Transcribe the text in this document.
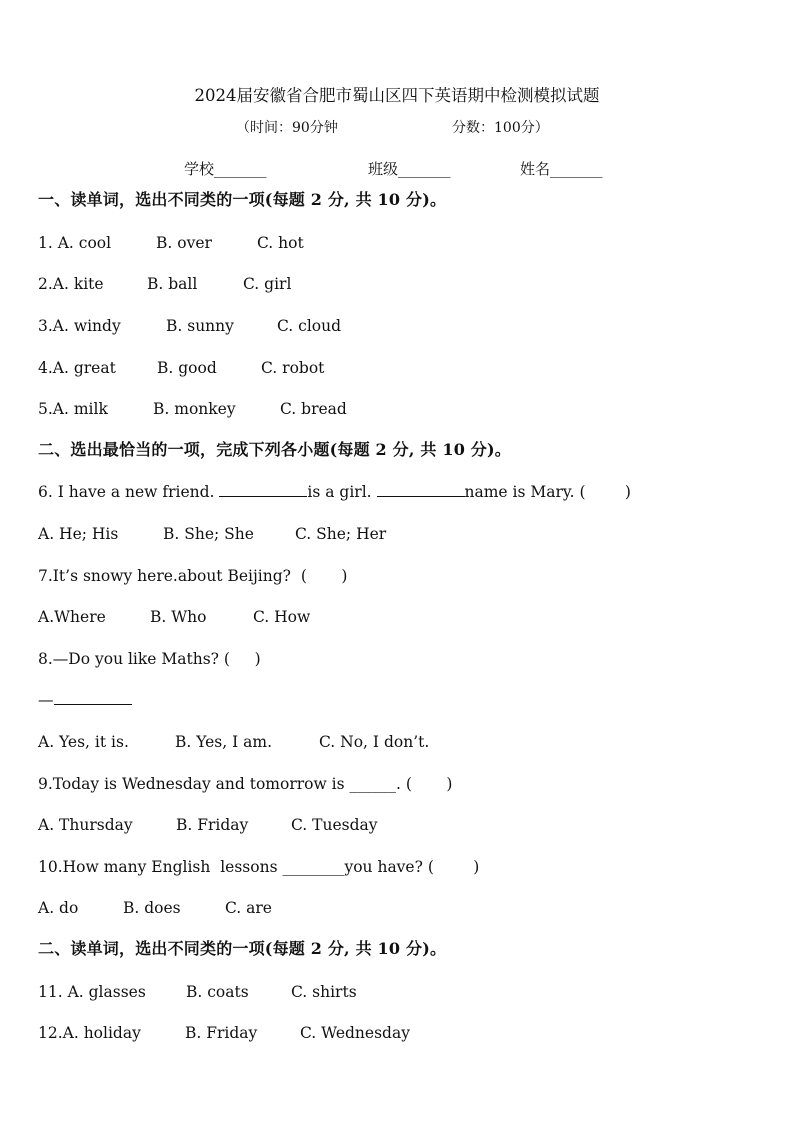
2024届安徽省合肥市蜀山区四下英语期中检测模拟试题
（时间：90分钟	分数：100分）
学校_______	班级_______	姓名_______
一、读单词，选出不同类的一项(每题 2 分, 共 10 分)。
1. A. cool	B. over	C. hot
2.A. kite	B. ball	C. girl
3.A. windy	B. sunny	C. cloud
4.A. great	B. good	C. robot
5.A. milk	B. monkey	C. bread
二、选出最恰当的一项，完成下列各小题(每题 2 分, 共 10 分)。
6. I have a new friend.	is a girl.	name is Mary. (        )
A. He; His	B. She; She	C. She; Her
7.It’s snowy here.about Beijing?  (       )
A.Where	B. Who	C. How
8.—Do you like Maths? (     )
—
A. Yes, it is.	B. Yes, I am.	C. No, I don’t.
9.Today is Wednesday and tomorrow is ______. (       )
A. Thursday	B. Friday	C. Tuesday
10.How many English  lessons ________you have? (        )
A. do	B. does	C. are
二、读单词，选出不同类的一项(每题 2 分, 共 10 分)。
11. A. glasses	B. coats	C. shirts
12.A. holiday	B. Friday	C. Wednesday
